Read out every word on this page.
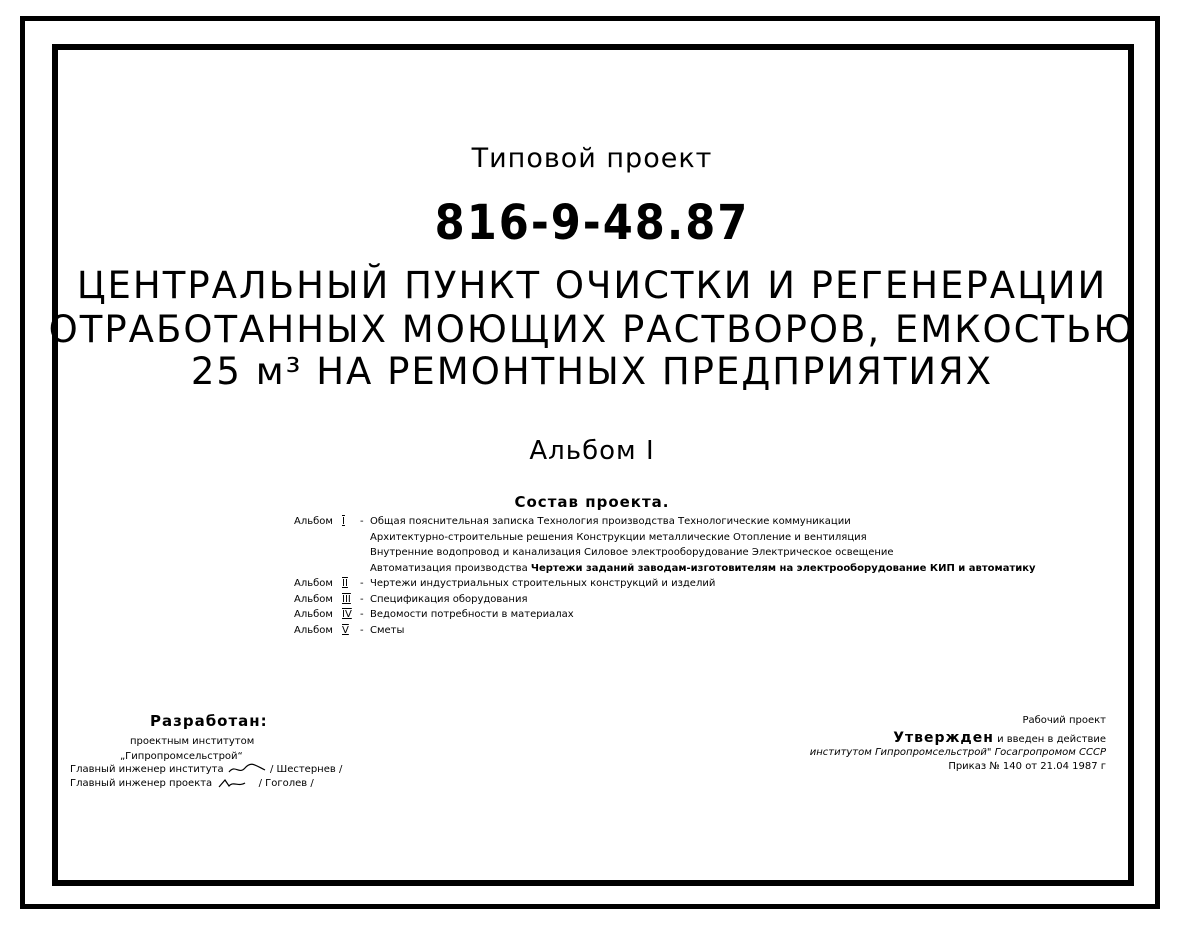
Типовой проект
816-9-48.87
ЦЕНТРАЛЬНЫЙ ПУНКТ ОЧИСТКИ И РЕГЕНЕРАЦИИ
ОТРАБОТАННЫХ МОЮЩИХ РАСТВОРОВ, ЕМКОСТЬЮ
25 м³ НА РЕМОНТНЫХ ПРЕДПРИЯТИЯХ
Альбом I
Состав проекта.
Альбом I	- Общая пояснительная записка Технология производства Технологические коммуникации
Архитектурно-строительные решения Конструкции металлические Отопление и вентиляция
Внутренние водопровод и канализация Силовое электрооборудование Электрическое освещение
Автоматизация производства
Чертежи заданий заводам-изготовителям на электрооборудование КИП и автоматику
Альбом II	- Чертежи индустриальных строительных конструкций и изделий
Альбом III - Спецификация оборудования
Альбом IV - Ведомости потребности в материалах
Альбом V	- Сметы
Разработан:
проектным институтом
„Гипропромсельстрой“
Главный инженер института	/ Шестернев /
Главный инженер проекта	/ Гоголев /
Рабочий проект
Утвержден и введен в действие
институтом Гипропромсельстрой" Госагропромом СССР
Приказ № 140 от 21.04 1987 г
